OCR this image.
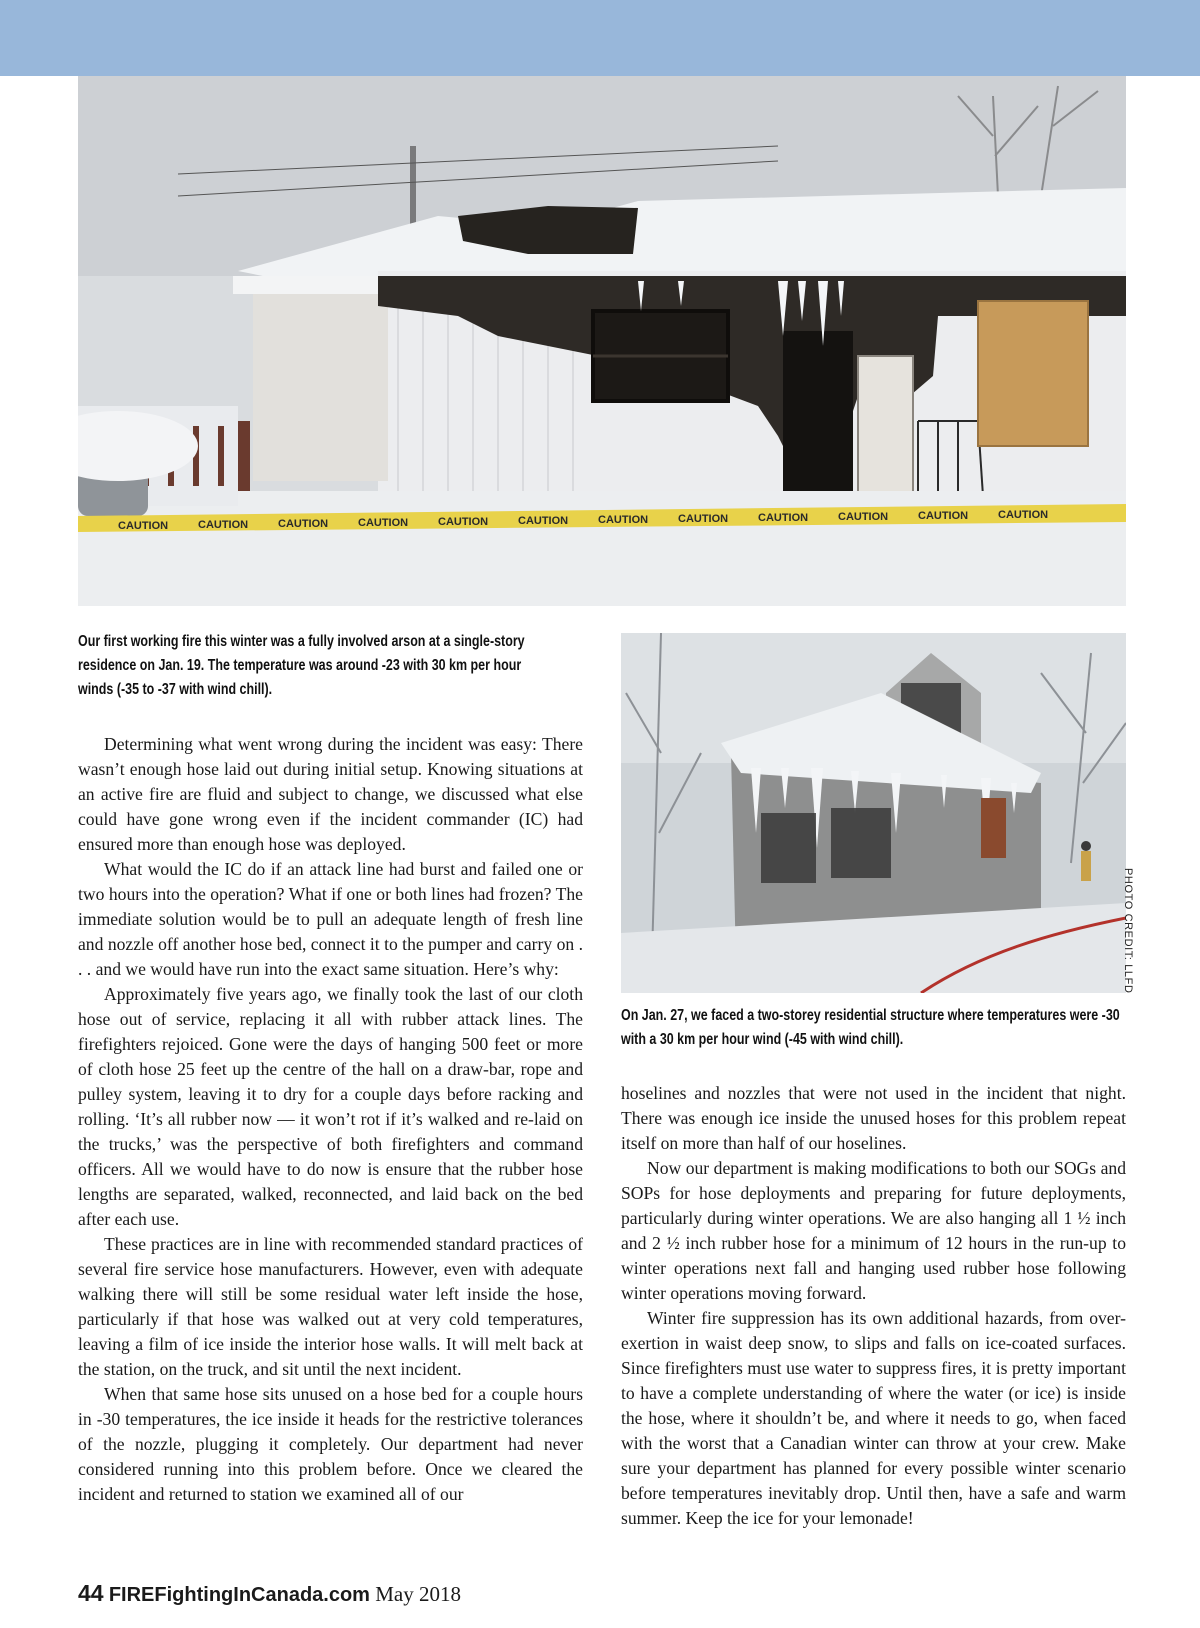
CAUTION	CAUTION	CAUTION	CAUTION	CAUTION	CAUTION	CAUTION	CAUTION	CAUTION	CAUTION	CAUTION	CAUTION
Our first working fire this winter was a fully involved arson at a single-story residence on Jan. 19. The temperature was around -23 with 30 km per hour winds (-35 to -37 with wind chill).
PHOTO CREDIT: LLFD
On Jan. 27, we faced a two-storey residential structure where temperatures were -30 with a 30 km per hour wind (-45 with wind chill).

Determining what went wrong during the incident was easy: There wasn’t enough hose laid out during initial setup. Knowing situations at an active fire are fluid and subject to change, we discussed what else could have gone wrong even if the incident commander (IC) had ensured more than enough hose was deployed.

What would the IC do if an attack line had burst and failed one or two hours into the operation? What if one or both lines had frozen? The immediate solution would be to pull an adequate length of fresh line and nozzle off another hose bed, connect it to the pumper and carry on . . . and we would have run into the exact same situation. Here’s why:

Approximately five years ago, we finally took the last of our cloth hose out of service, replacing it all with rubber attack lines. The firefighters rejoiced. Gone were the days of hanging 500 feet or more of cloth hose 25 feet up the centre of the hall on a draw-bar, rope and pulley system, leaving it to dry for a couple days before racking and rolling. ‘It’s all rubber now — it won’t rot if it’s walked and re-laid on the trucks,’ was the perspective of both firefighters and command officers. All we would have to do now is ensure that the rubber hose lengths are separated, walked, reconnected, and laid back on the bed after each use.

These practices are in line with recommended standard practices of several fire service hose manufacturers. However, even with adequate walking there will still be some residual water left inside the hose, particularly if that hose was walked out at very cold temperatures, leaving a film of ice inside the interior hose walls. It will melt back at the station, on the truck, and sit until the next incident.

When that same hose sits unused on a hose bed for a couple hours in -30 temperatures, the ice inside it heads for the restrictive tolerances of the nozzle, plugging it completely. Our department had never considered running into this problem before. Once we cleared the incident and returned to station we examined all of our

hoselines and nozzles that were not used in the incident that night. There was enough ice inside the unused hoses for this problem repeat itself on more than half of our hoselines.

Now our department is making modifications to both our SOGs and SOPs for hose deployments and preparing for future deployments, particularly during winter operations. We are also hanging all 1 ½ inch and 2 ½ inch rubber hose for a minimum of 12 hours in the run-up to winter operations next fall and hanging used rubber hose following winter operations moving forward.

Winter fire suppression has its own additional hazards, from over-exertion in waist deep snow, to slips and falls on ice-coated surfaces. Since firefighters must use water to suppress fires, it is pretty important to have a complete understanding of where the water (or ice) is inside the hose, where it shouldn’t be, and where it needs to go, when faced with the worst that a Canadian winter can throw at your crew. Make sure your department has planned for every possible winter scenario before temperatures inevitably drop. Until then, have a safe and warm summer. Keep the ice for your lemonade!

44 FIREFightingInCanada.com May 2018
